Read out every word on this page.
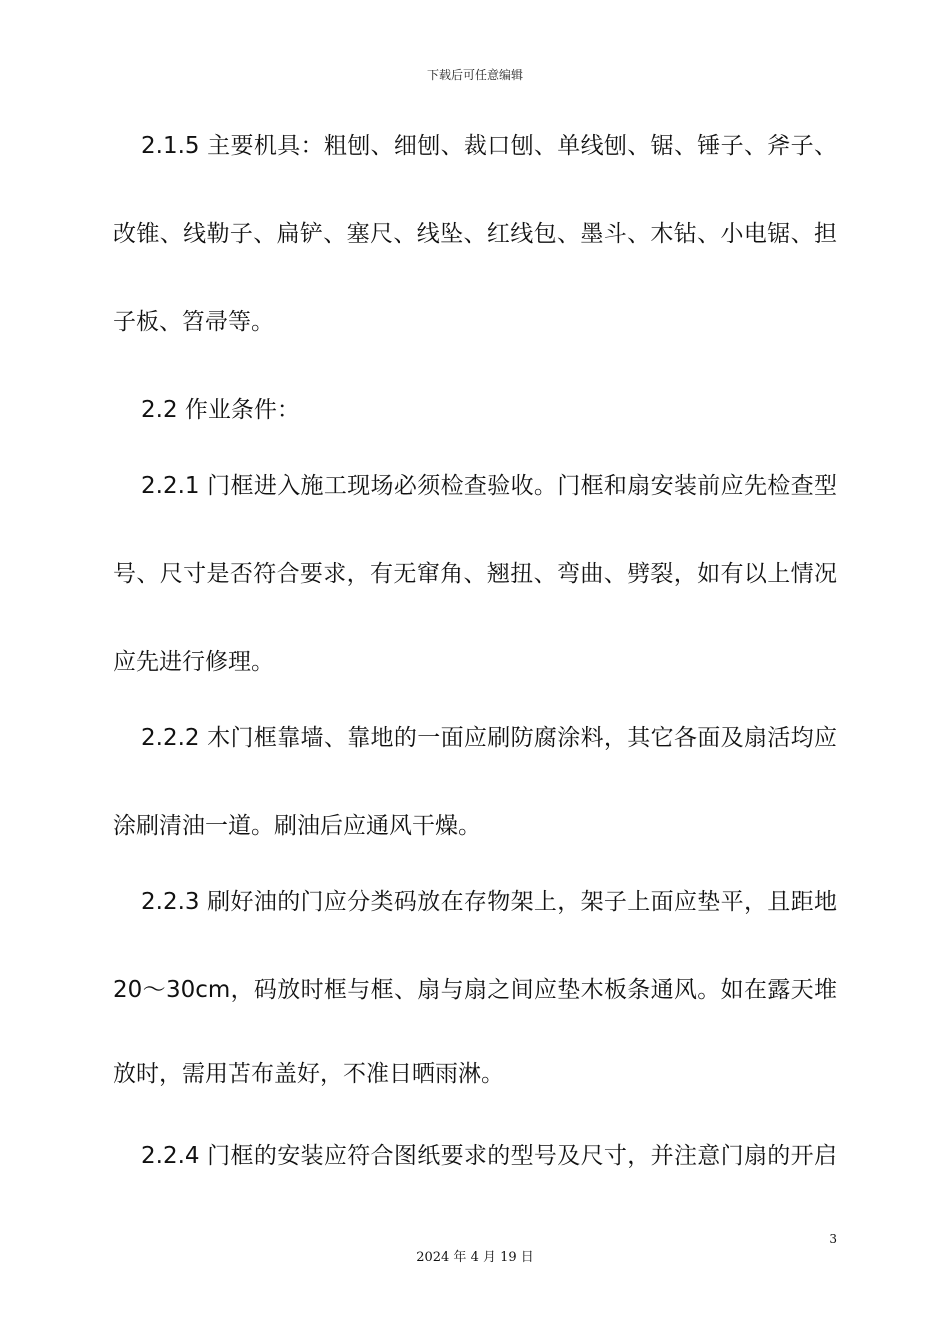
下载后可任意编辑
2.1.5 主要机具：粗刨、细刨、裁口刨、单线刨、锯、锤子、斧子、
改锥、线勒子、扁铲、塞尺、线坠、红线包、墨斗、木钻、小电锯、担
子板、笤帚等。
2.2 作业条件：
2.2.1 门框进入施工现场必须检查验收。门框和扇安装前应先检查型
号、尺寸是否符合要求，有无窜角、翘扭、弯曲、劈裂，如有以上情况
应先进行修理。
2.2.2 木门框靠墙、靠地的一面应刷防腐涂料，其它各面及扇活均应
涂刷清油一道。刷油后应通风干燥。
2.2.3 刷好油的门应分类码放在存物架上，架子上面应垫平，且距地
20～30cm，码放时框与框、扇与扇之间应垫木板条通风。如在露天堆
放时，需用苫布盖好，不准日晒雨淋。
2.2.4 门框的安装应符合图纸要求的型号及尺寸，并注意门扇的开启
3
2024 年 4 月 19 日
